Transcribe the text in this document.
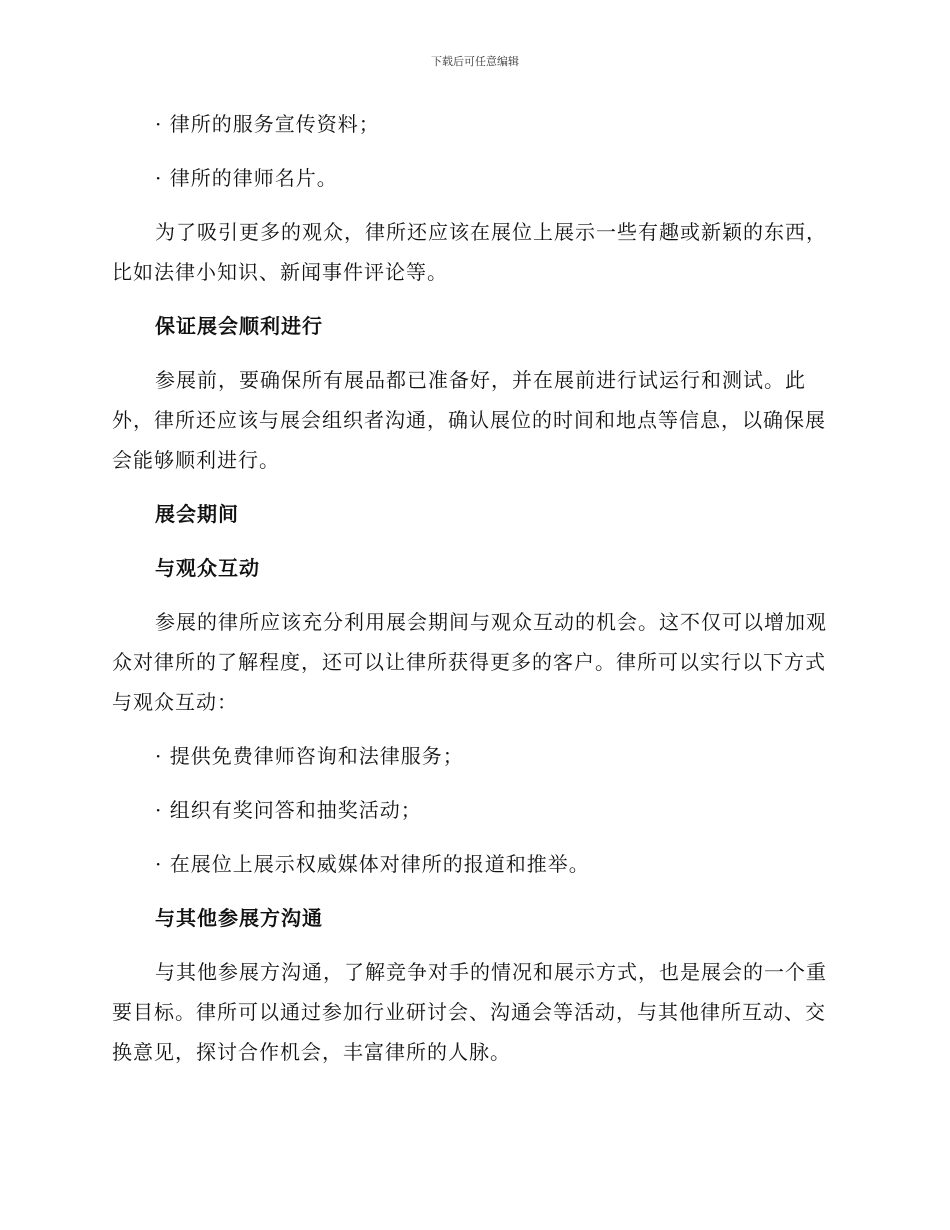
下载后可任意编辑

· 律所的服务宣传资料；

· 律所的律师名片。

为了吸引更多的观众，律所还应该在展位上展示一些有趣或新颖的东西，比如法律小知识、新闻事件评论等。

保证展会顺利进行

参展前，要确保所有展品都已准备好，并在展前进行试运行和测试。此外，律所还应该与展会组织者沟通，确认展位的时间和地点等信息，以确保展会能够顺利进行。

展会期间

与观众互动

参展的律所应该充分利用展会期间与观众互动的机会。这不仅可以增加观众对律所的了解程度，还可以让律所获得更多的客户。律所可以实行以下方式与观众互动：

· 提供免费律师咨询和法律服务；

· 组织有奖问答和抽奖活动；

· 在展位上展示权威媒体对律所的报道和推举。

与其他参展方沟通

与其他参展方沟通，了解竞争对手的情况和展示方式，也是展会的一个重要目标。律所可以通过参加行业研讨会、沟通会等活动，与其他律所互动、交换意见，探讨合作机会，丰富律所的人脉。
